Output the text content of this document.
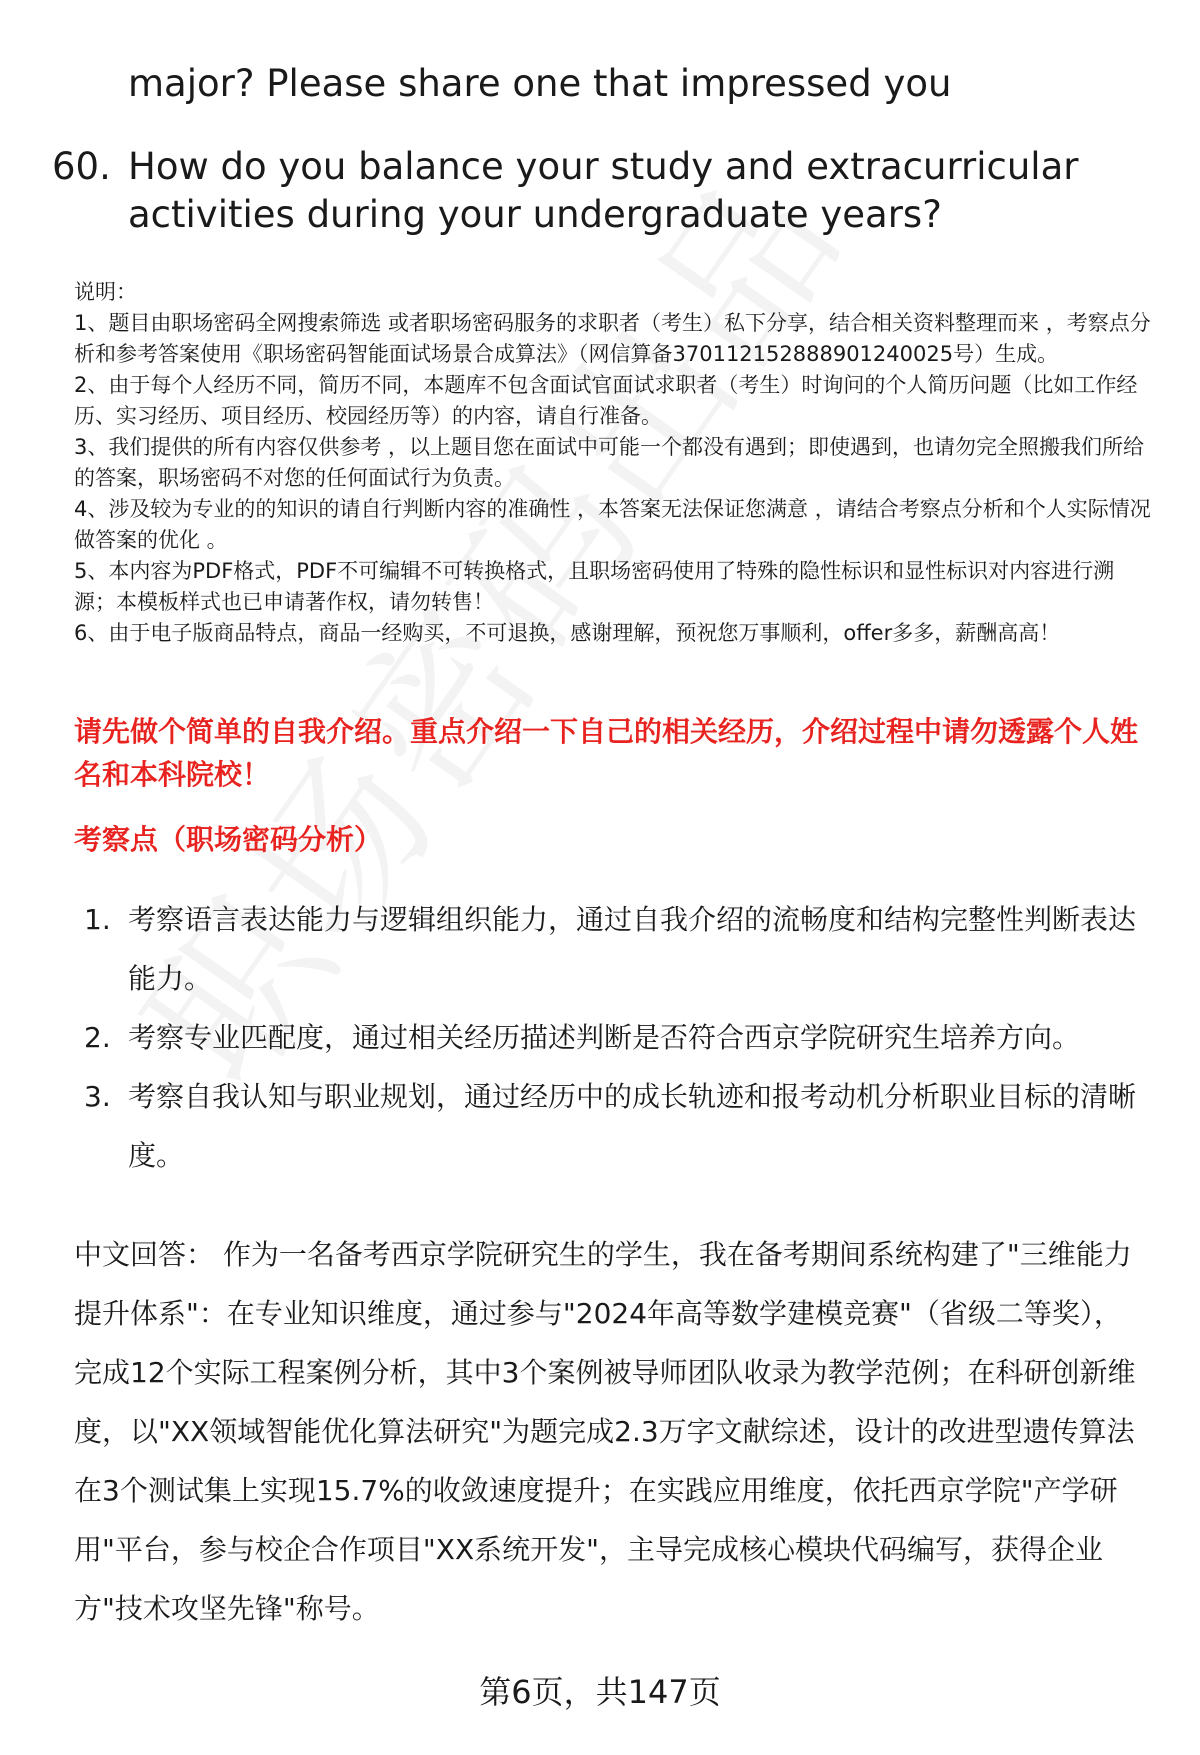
major? Please share one that impressed you
60. How do you balance your study and extracurricular activities during your undergraduate years?

说明：

1、题目由职场密码全网搜索筛选 或者职场密码服务的求职者（考生）私下分享，结合相关资料整理而来 ，考察点分析和参考答案使用《职场密码智能面试场景合成算法》（网信算备370112152888901240025号）生成。

2、由于每个人经历不同，简历不同，本题库不包含面试官面试求职者（考生）时询问的个人简历问题（比如工作经历、实习经历、项目经历、校园经历等）的内容，请自行准备。

3、我们提供的所有内容仅供参考 ，以上题目您在面试中可能一个都没有遇到；即使遇到，也请勿完全照搬我们所给的答案，职场密码不对您的任何面试行为负责。

4、涉及较为专业的的知识的请自行判断内容的准确性 ，本答案无法保证您满意 ，请结合考察点分析和个人实际情况做答案的优化 。

5、本内容为PDF格式，PDF不可编辑不可转换格式，且职场密码使用了特殊的隐性标识和显性标识对内容进行溯源；本模板样式也已申请著作权，请勿转售！

6、由于电子版商品特点，商品一经购买，不可退换，感谢理解，预祝您万事顺利，offer多多，薪酬高高！

请先做个简单的自我介绍。重点介绍一下自己的相关经历，介绍过程中请勿透露个人姓名和本科院校！
考察点（职场密码分析）
1. 考察语言表达能力与逻辑组织能力，通过自我介绍的流畅度和结构完整性判断表达能力。
2. 考察专业匹配度，通过相关经历描述判断是否符合西京学院研究生培养方向。
3. 考察自我认知与职业规划，通过经历中的成长轨迹和报考动机分析职业目标的清晰度。

中文回答： 作为一名备考西京学院研究生的学生，我在备考期间系统构建了"三维能力提升体系"：在专业知识维度，通过参与"2024年高等数学建模竞赛"（省级二等奖），完成12个实际工程案例分析，其中3个案例被导师团队收录为教学范例；在科研创新维度，以"XX领域智能优化算法研究"为题完成2.3万字文献综述，设计的改进型遗传算法在3个测试集上实现15.7%的收敛速度提升；在实践应用维度，依托西京学院"产学研用"平台，参与校企合作项目"XX系统开发"，主导完成核心模块代码编写，获得企业方"技术攻坚先锋"称号。

第6页，共147页
